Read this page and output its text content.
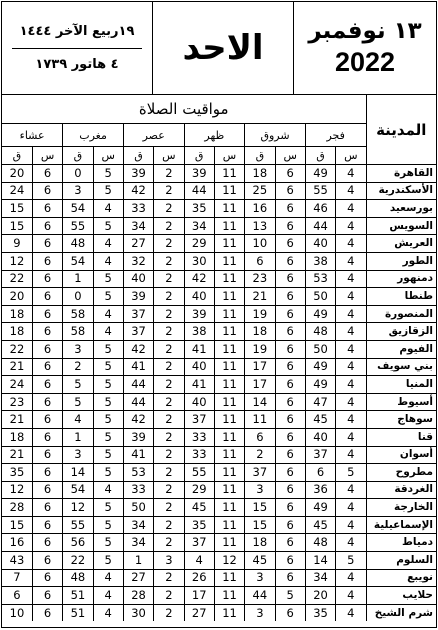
١٣ نوفمبر
2022
الاحد
١٩ربيع الآخر ١٤٤٤
٤ هاتور ١٧٣٩
المدينة	مواقيت الصلاة											
	فجر		شروق		ظهر		عصر		مغرب		عشاء	
	س	ق	س	ق	س	ق	س	ق	س	ق	س	ق
القاهرة	4	49	6	18	11	39	2	39	5	0	6	20
الأسكندرية	4	55	6	25	11	44	2	42	5	3	6	24
بورسعيد	4	46	6	16	11	35	2	33	4	54	6	15
السويس	4	44	6	13	11	34	2	34	5	55	6	15
العريش	4	40	6	10	11	29	2	27	4	48	6	9
الطور	4	38	6	6	11	30	2	32	4	54	6	12
دمنهور	4	53	6	23	11	42	2	40	5	1	6	22
طنطا	4	50	6	21	11	40	2	39	5	0	6	20
المنصورة	4	49	6	19	11	39	2	37	4	58	6	18
الزقازيق	4	48	6	18	11	38	2	37	4	58	6	18
الفيوم	4	50	6	19	11	41	2	42	5	3	6	22
بني سويف	4	49	6	17	11	40	2	41	5	2	6	21
المنيا	4	49	6	17	11	41	2	44	5	5	6	24
أسيوط	4	47	6	14	11	40	2	44	5	5	6	23
سوهاج	4	45	6	11	11	37	2	42	5	4	6	21
قنا	4	40	6	6	11	33	2	39	5	1	6	18
أسوان	4	37	6	2	11	33	2	41	5	3	6	21
مطروح	5	6	6	37	11	55	2	53	5	14	6	35
الغردقة	4	36	6	3	11	29	2	33	4	54	6	12
الخارجة	4	49	6	15	11	45	2	50	5	12	6	28
الإسماعيلية	4	45	6	15	11	35	2	34	5	55	6	15
دمياط	4	48	6	18	11	37	2	34	5	56	6	16
السلوم	5	14	6	45	12	4	3	1	5	22	6	43
نويبع	4	34	6	3	11	26	2	27	4	48	6	7
حلايب	4	20	5	44	11	17	2	28	4	51	6	6
شرم الشيخ	4	35	6	3	11	27	2	30	4	51	6	10
